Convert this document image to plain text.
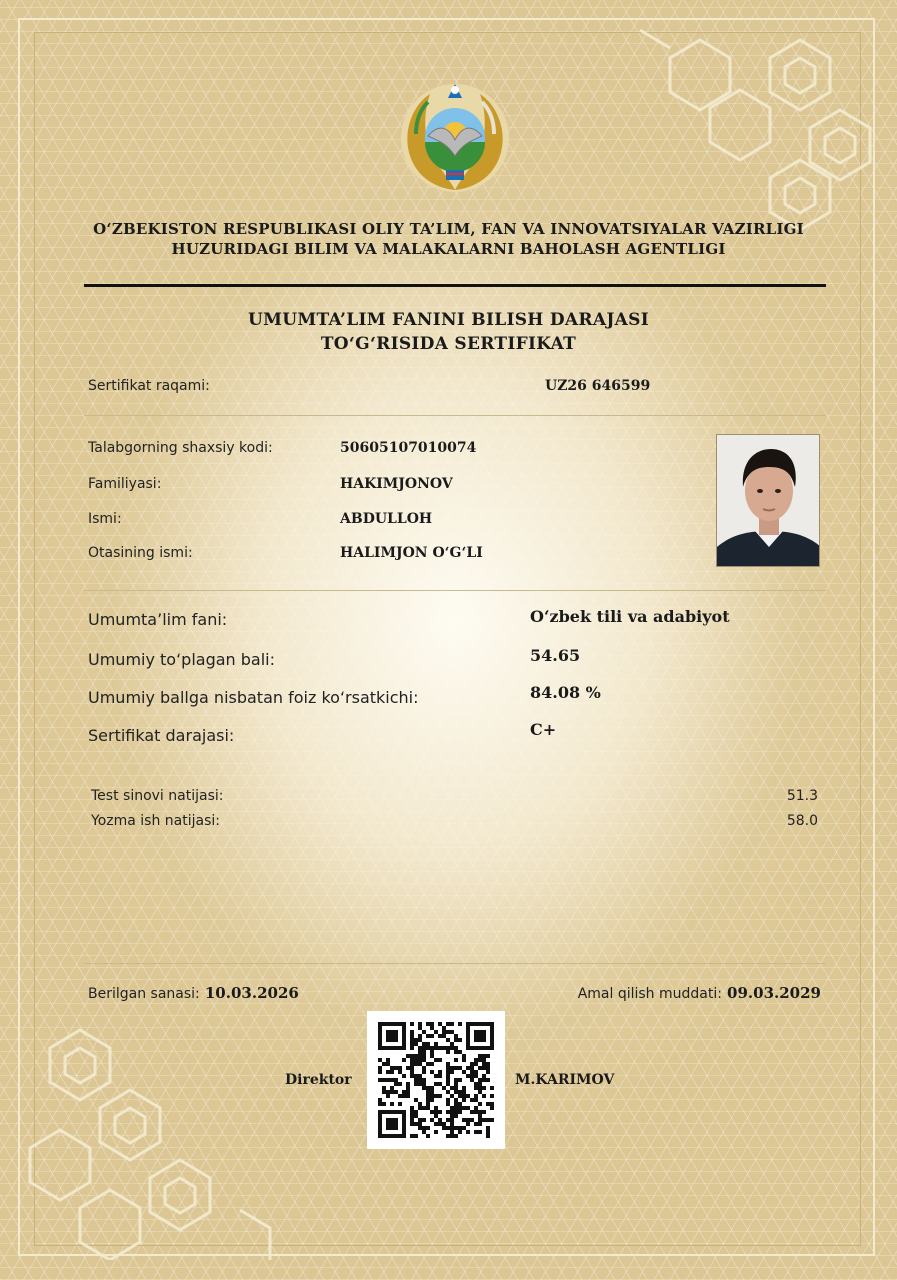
O‘ZBEKISTON RESPUBLIKASI OLIY TA’LIM, FAN VA INNOVATSIYALAR VAZIRLIGI
HUZURIDAGI BILIM VA MALAKALARNI BAHOLASH AGENTLIGI
UMUMTA’LIM FANINI BILISH DARAJASI
TO‘G‘RISIDA SERTIFIKAT
Sertifikat raqami:	UZ26 646599
Talabgorning shaxsiy kodi:	50605107010074
Familiyasi:	HAKIMJONOV
Ismi:	ABDULLOH
Otasining ismi:	HALIMJON O‘G‘LI
Umumta’lim fani:	O‘zbek tili va adabiyot
Umumiy to‘plagan bali:	54.65
Umumiy ballga nisbatan foiz ko‘rsatkichi:	84.08 %
Sertifikat darajasi:	C+
Test sinovi natijasi:	51.3
Yozma ish natijasi:	58.0
Berilgan sanasi: 10.03.2026	Amal qilish muddati: 09.03.2029
Direktor	M.KARIMOV
